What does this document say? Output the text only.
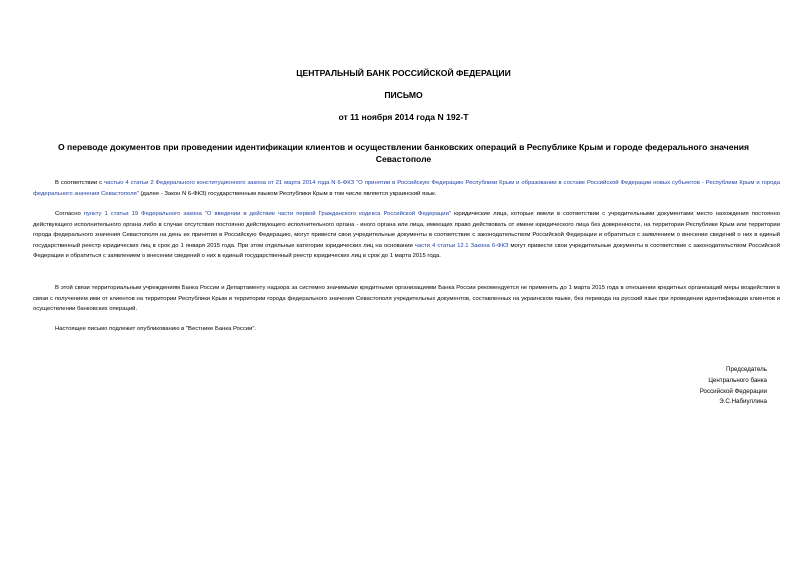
ЦЕНТРАЛЬНЫЙ БАНК РОССИЙСКОЙ ФЕДЕРАЦИИ
ПИСЬМО
от 11 ноября 2014 года N 192-Т
О переводе документов при проведении идентификации клиентов и осуществлении банковских операций в Республике Крым и городе федерального значения Севастополе

В соответствии с частью 4 статьи 2 Федерального конституционного закона от 21 марта 2014 года N 6-ФКЗ "О принятии в Российскую Федерацию Республики Крым и образовании в составе Российской Федерации новых субъектов - Республики Крым и города федерального значения Севастополя" (далее - Закон N 6-ФКЗ) государственным языком Республики Крым в том числе является украинский язык.

Согласно пункту 1 статьи 19 Федерального закона "О введении в действие части первой Гражданского кодекса Российской Федерации" юридические лица, которые имели в соответствии с учредительными документами место нахождения постоянно действующего исполнительного органа либо в случае отсутствия постоянно действующего исполнительного органа - иного органа или лица, имеющих право действовать от имени юридического лица без доверенности, на территории Республики Крым или территории города федерального значения Севастополя на день их принятия в Российскую Федерацию, могут привести свои учредительные документы в соответствие с законодательством Российской Федерации и обратиться с заявлением о внесении сведений о них в единый государственный реестр юридических лиц в срок до 1 января 2015 года. При этом отдельные категории юридических лиц на основании части 4 статьи 12.1 Закона 6-ФКЗ могут привести свои учредительные документы в соответствие с законодательством Российской Федерации и обратиться с заявлением о внесении сведений о них в единый государственный реестр юридических лиц в срок до 1 марта 2015 года.

В этой связи территориальным учреждениям Банка России и Департаменту надзора за системно значимыми кредитными организациями Банка России рекомендуется не применять до 1 марта 2015 года в отношении кредитных организаций меры воздействия в связи с получением ими от клиентов на территории Республики Крым и территории города федерального значения Севастополя учредительных документов, составленных на украинском языке, без перевода на русский язык при проведении идентификации клиентов и осуществлении банковских операций.

Настоящее письмо подлежит опубликованию в "Вестнике Банка России".

Председатель
Центрального банка
Российской Федерации
Э.С.Набиуллина
